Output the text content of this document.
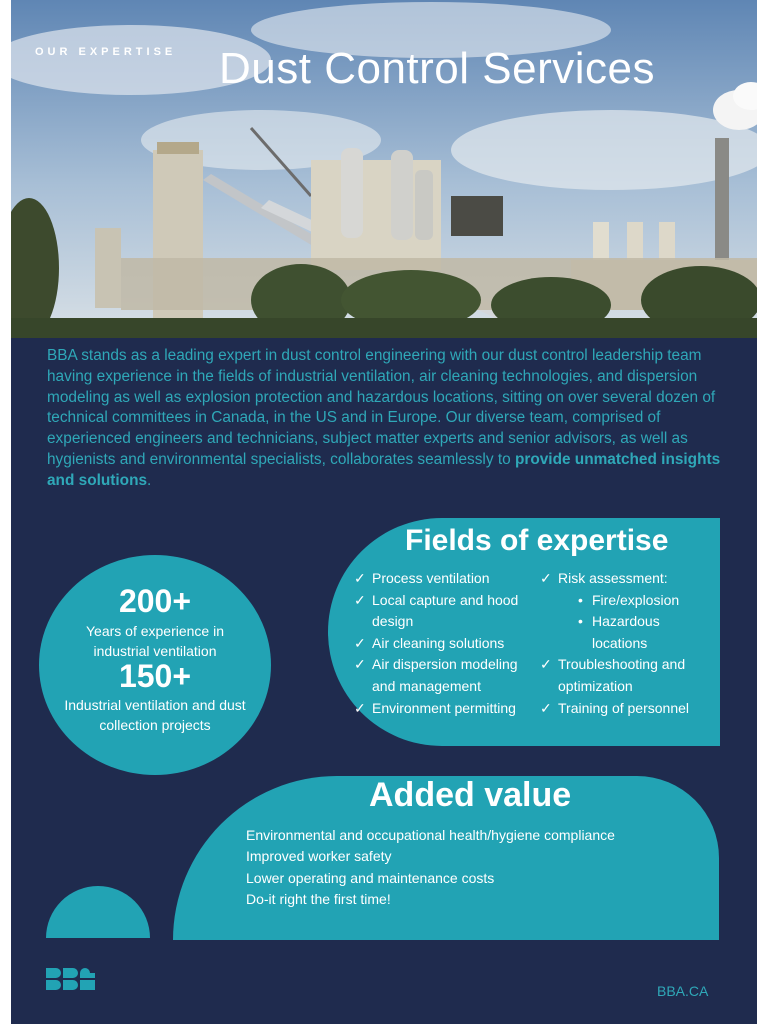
OUR EXPERTISE Dust Control Services

BBA stands as a leading expert in dust control engineering with our dust control leadership team having experience in the fields of industrial ventilation, air cleaning technologies, and dispersion modeling as well as explosion protection and hazardous locations, sitting on over several dozen of technical committees in Canada, in the US and in Europe. Our diverse team, comprised of experienced engineers and technicians, subject matter experts and senior advisors, as well as hygienists and environmental specialists, collaborates seamlessly to provide unmatched insights and solutions.

200+
Years of experience in industrial ventilation
150+
Industrial ventilation and dust collection projects
Fields of expertise
✓ Process ventilation
✓ Local capture and hood design
✓ Air cleaning solutions
✓ Air dispersion modeling and management
✓ Environment permitting
✓ Risk assessment:
• Fire/explosion
• Hazardous locations
✓ Troubleshooting and optimization
✓ Training of personnel
Added value
Environmental and occupational health/hygiene compliance
Improved worker safety
Lower operating and maintenance costs
Do-it right the first time!
BBA.CA
